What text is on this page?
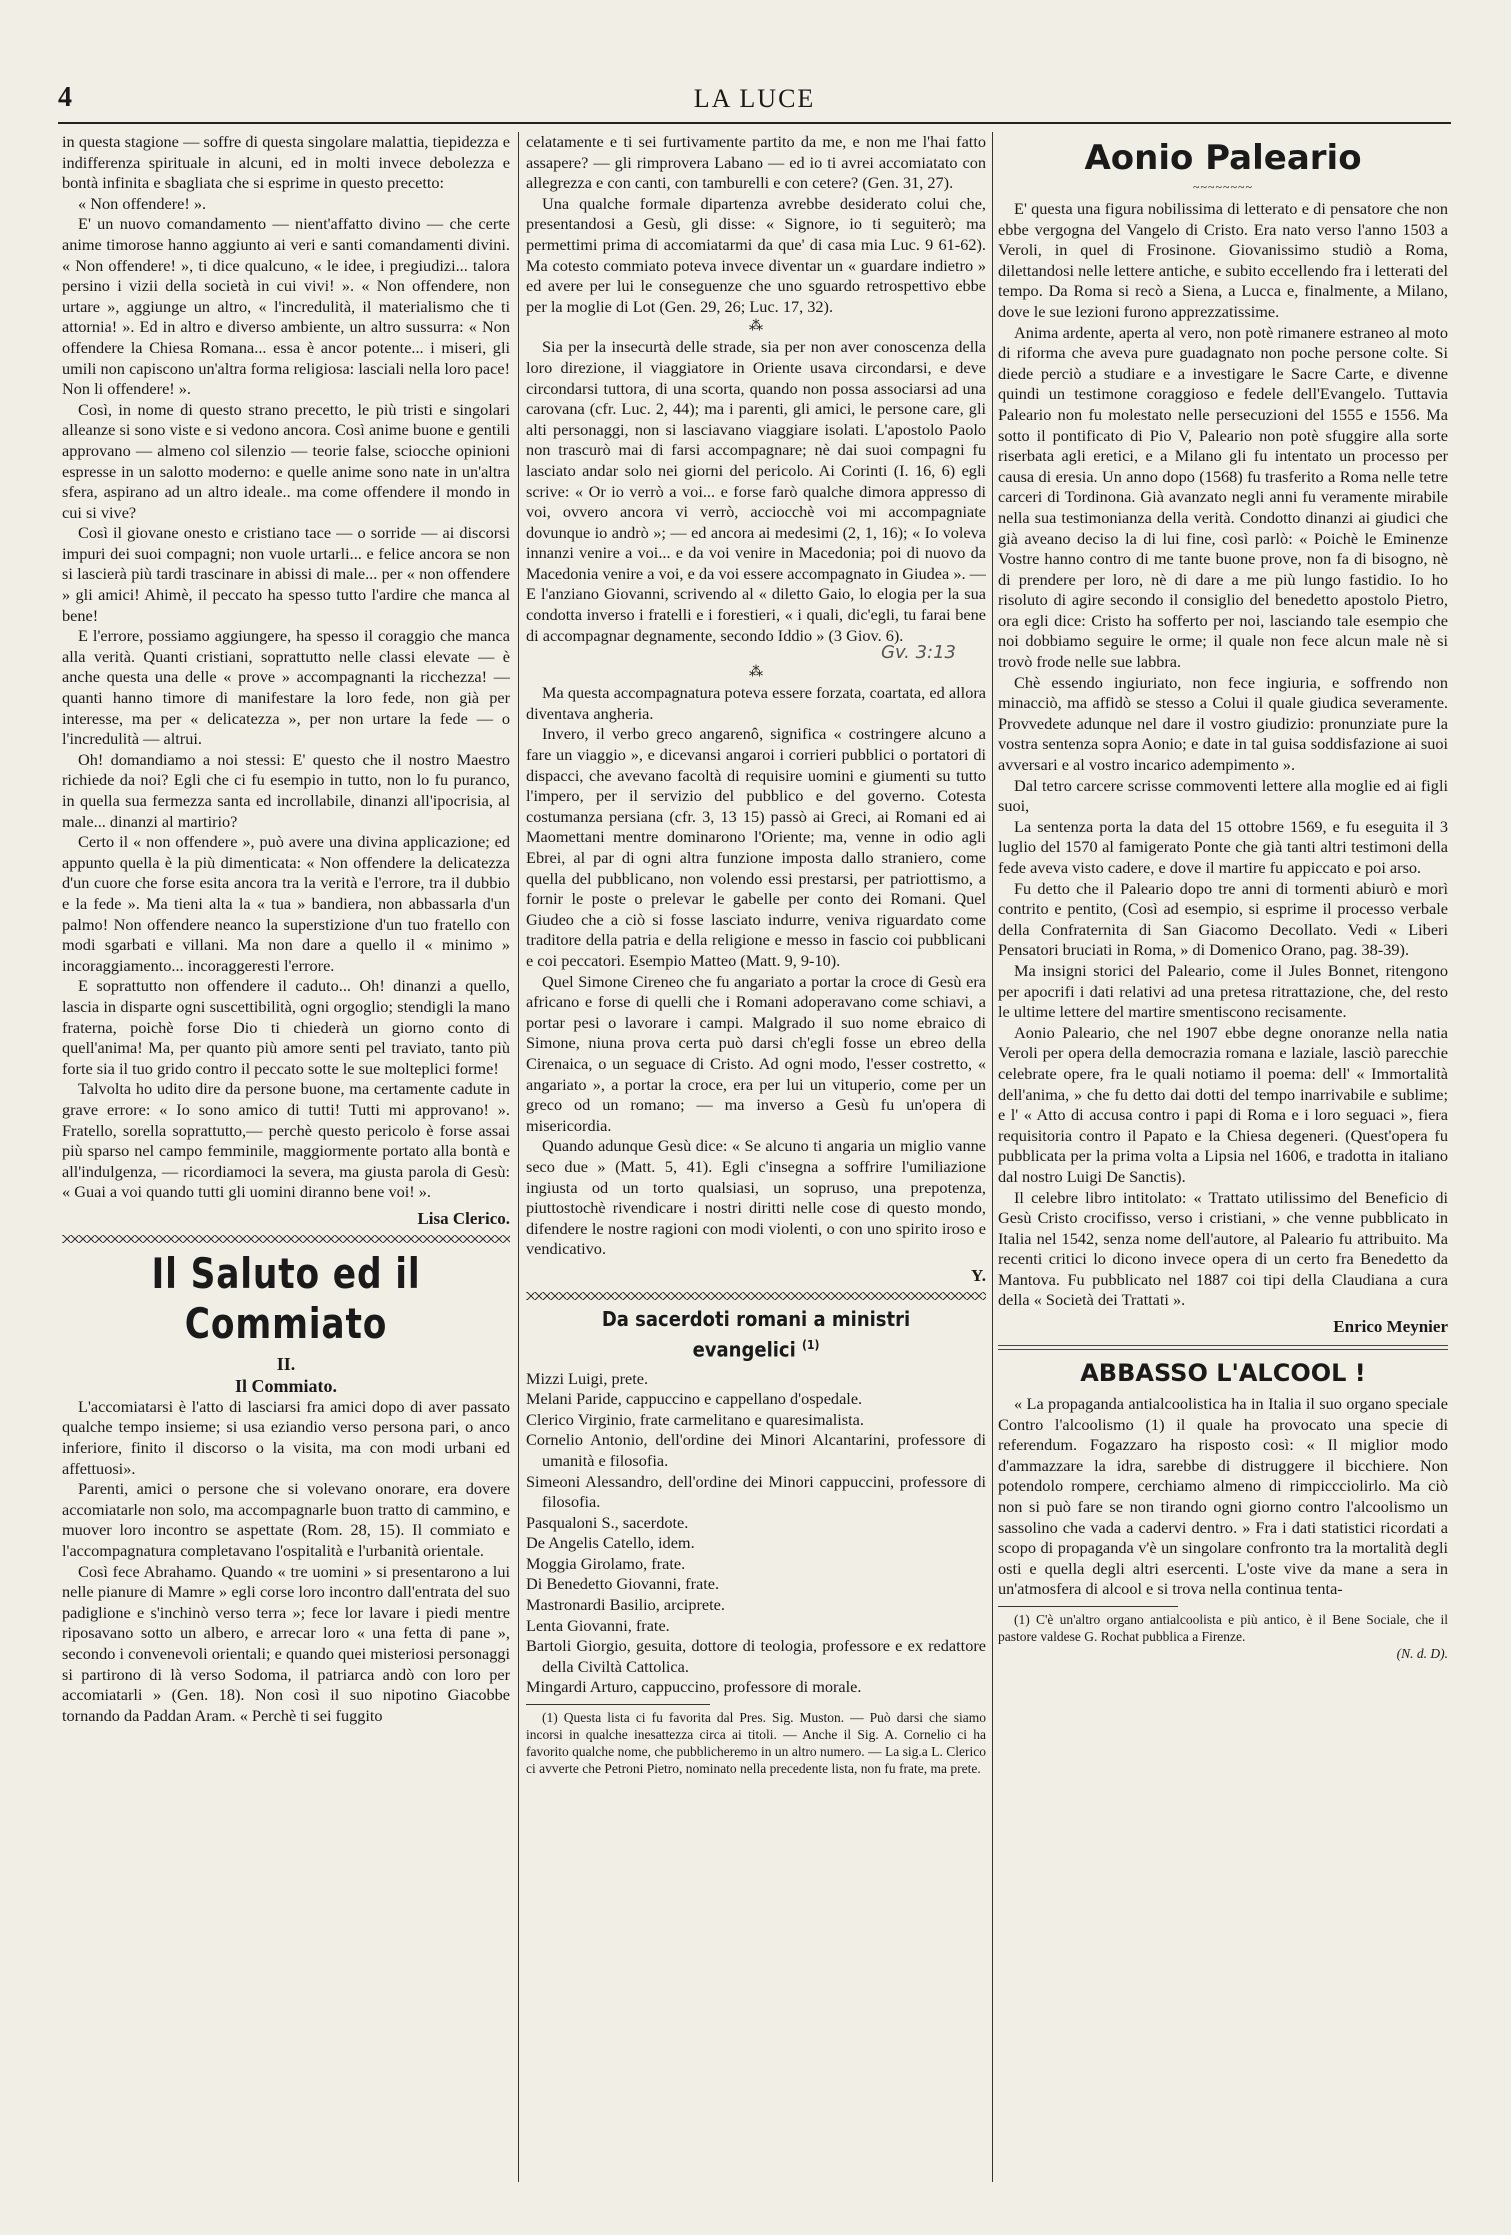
4	LA LUCE

in questa stagione — soffre di questa singolare malattia, tiepidezza e indifferenza spirituale in alcuni, ed in molti invece debolezza e bontà infinita e sbagliata che si esprime in questo precetto:

« Non offendere! ».

E' un nuovo comandamento — nient'affatto divino — che certe anime timorose hanno aggiunto ai veri e santi comandamenti divini. « Non offendere! », ti dice qualcuno, « le idee, i pregiudizi... talora persino i vizii della società in cui vivi! ». « Non offendere, non urtare », aggiunge un altro, « l'incredulità, il materialismo che ti attornia! ». Ed in altro e diverso ambiente, un altro sussurra: « Non offendere la Chiesa Romana... essa è ancor potente... i miseri, gli umili non capiscono un'altra forma religiosa: lasciali nella loro pace! Non li offendere! ».

Così, in nome di questo strano precetto, le più tristi e singolari alleanze si sono viste e si vedono ancora. Così anime buone e gentili approvano — almeno col silenzio — teorie false, sciocche opinioni espresse in un salotto moderno: e quelle anime sono nate in un'altra sfera, aspirano ad un altro ideale.. ma come offendere il mondo in cui si vive?

Così il giovane onesto e cristiano tace — o sorride — ai discorsi impuri dei suoi compagni; non vuole urtarli... e felice ancora se non si lascierà più tardi trascinare in abissi di male... per « non offendere » gli amici! Ahimè, il peccato ha spesso tutto l'ardire che manca al bene!

E l'errore, possiamo aggiungere, ha spesso il coraggio che manca alla verità. Quanti cristiani, soprattutto nelle classi elevate — è anche questa una delle « prove » accompagnanti la ricchezza! — quanti hanno timore di manifestare la loro fede, non già per interesse, ma per « delicatezza », per non urtare la fede — o l'incredulità — altrui.

Oh! domandiamo a noi stessi: E' questo che il nostro Maestro richiede da noi? Egli che ci fu esempio in tutto, non lo fu puranco, in quella sua fermezza santa ed incrollabile, dinanzi all'ipocrisia, al male... dinanzi al martirio?

Certo il « non offendere », può avere una divina applicazione; ed appunto quella è la più dimenticata: « Non offendere la delicatezza d'un cuore che forse esita ancora tra la verità e l'errore, tra il dubbio e la fede ». Ma tieni alta la « tua » bandiera, non abbassarla d'un palmo! Non offendere neanco la superstizione d'un tuo fratello con modi sgarbati e villani. Ma non dare a quello il « minimo » incoraggiamento... incoraggeresti l'errore.

E soprattutto non offendere il caduto... Oh! dinanzi a quello, lascia in disparte ogni suscettibilità, ogni orgoglio; stendigli la mano fraterna, poichè forse Dio ti chiederà un giorno conto di quell'anima! Ma, per quanto più amore senti pel traviato, tanto più forte sia il tuo grido contro il peccato sotte le sue molteplici forme!

Talvolta ho udito dire da persone buone, ma certamente cadute in grave errore: « Io sono amico di tutti! Tutti mi approvano! ». Fratello, sorella soprattutto,— perchè questo pericolo è forse assai più sparso nel campo femminile, maggiormente portato alla bontà e all'indulgenza, — ricordiamoci la severa, ma giusta parola di Gesù: « Guai a voi quando tutti gli uomini diranno bene voi! ».

Lisa Clerico.
Il Saluto ed il Commiato
II.
Il Commiato.

L'accomiatarsi è l'atto di lasciarsi fra amici dopo di aver passato qualche tempo insieme; si usa eziandio verso persona pari, o anco inferiore, finito il discorso o la visita, ma con modi urbani ed affettuosi».

Parenti, amici o persone che si volevano onorare, era dovere accomiatarle non solo, ma accompagnarle buon tratto di cammino, e muover loro incontro se aspettate (Rom. 28, 15). Il commiato e l'accompagnatura completavano l'ospitalità e l'urbanità orientale.

Così fece Abrahamo. Quando « tre uomini » si presentarono a lui nelle pianure di Mamre » egli corse loro incontro dall'entrata del suo padiglione e s'inchinò verso terra »; fece lor lavare i piedi mentre riposavano sotto un albero, e arrecar loro « una fetta di pane », secondo i convenevoli orientali; e quando quei misteriosi personaggi si partirono di là verso Sodoma, il patriarca andò con loro per accomiatarli » (Gen. 18). Non così il suo nipotino Giacobbe tornando da Paddan Aram. « Perchè ti sei fuggito

celatamente e ti sei furtivamente partito da me, e non me l'hai fatto assapere? — gli rimprovera Labano — ed io ti avrei accomiatato con allegrezza e con canti, con tamburelli e con cetere? (Gen. 31, 27).

Una qualche formale dipartenza avrebbe desiderato colui che, presentandosi a Gesù, gli disse: « Signore, io ti seguiterò; ma permettimi prima di accomiatarmi da que' di casa mia Luc. 9 61-62). Ma cotesto commiato poteva invece diventar un « guardare indietro » ed avere per lui le conseguenze che uno sguardo retrospettivo ebbe per la moglie di Lot (Gen. 29, 26; Luc. 17, 32).

⁂

Sia per la insecurtà delle strade, sia per non aver conoscenza della loro direzione, il viaggiatore in Oriente usava circondarsi, e deve circondarsi tuttora, di una scorta, quando non possa associarsi ad una carovana (cfr. Luc. 2, 44); ma i parenti, gli amici, le persone care, gli alti personaggi, non si lasciavano viaggiare isolati. L'apostolo Paolo non trascurò mai di farsi accompagnare; nè dai suoi compagni fu lasciato andar solo nei giorni del pericolo. Ai Corinti (I. 16, 6) egli scrive: « Or io verrò a voi... e forse farò qualche dimora appresso di voi, ovvero ancora vi verrò, acciocchè voi mi accompagniate dovunque io andrò »; — ed ancora ai medesimi (2, 1, 16); « Io voleva innanzi venire a voi... e da voi venire in Macedonia; poi di nuovo da Macedonia venire a voi, e da voi essere accompagnato in Giudea ». — E l'anziano Giovanni, scrivendo al « diletto Gaio, lo elogia per la sua condotta inverso i fratelli e i forestieri, « i quali, dic'egli, tu farai bene di accompagnar degnamente, secondo Iddio » (3 Giov. 6).

Gv. 3:13
⁂

Ma questa accompagnatura poteva essere forzata, coartata, ed allora diventava angheria.

Invero, il verbo greco angarenô, significa « costringere alcuno a fare un viaggio », e dicevansi angaroi i corrieri pubblici o portatori di dispacci, che avevano facoltà di requisire uomini e giumenti su tutto l'impero, per il servizio del pubblico e del governo. Cotesta costumanza persiana (cfr. 3, 13 15) passò ai Greci, ai Romani ed ai Maomettani mentre dominarono l'Oriente; ma, venne in odio agli Ebrei, al par di ogni altra funzione imposta dallo straniero, come quella del pubblicano, non volendo essi prestarsi, per patriottismo, a fornir le poste o prelevar le gabelle per conto dei Romani. Quel Giudeo che a ciò si fosse lasciato indurre, veniva riguardato come traditore della patria e della religione e messo in fascio coi pubblicani e coi peccatori. Esempio Matteo (Matt. 9, 9-10).

Quel Simone Cireneo che fu angariato a portar la croce di Gesù era africano e forse di quelli che i Romani adoperavano come schiavi, a portar pesi o lavorare i campi. Malgrado il suo nome ebraico di Simone, niuna prova certa può darsi ch'egli fosse un ebreo della Cirenaica, o un seguace di Cristo. Ad ogni modo, l'esser costretto, « angariato », a portar la croce, era per lui un vituperio, come per un greco od un romano; — ma inverso a Gesù fu un'opera di misericordia.

Quando adunque Gesù dice: « Se alcuno ti angaria un miglio vanne seco due » (Matt. 5, 41). Egli c'insegna a soffrire l'umiliazione ingiusta od un torto qualsiasi, un sopruso, una prepotenza, piuttostochè rivendicare i nostri diritti nelle cose di questo mondo, difendere le nostre ragioni con modi violenti, o con uno spirito iroso e vendicativo.

Y.
Da sacerdoti romani a ministri evangelici $^{(1)}$

Mizzi Luigi, prete.

Melani Paride, cappuccino e cappellano d'ospedale.

Clerico Virginio, frate carmelitano e quaresimalista.

Cornelio Antonio, dell'ordine dei Minori Alcantarini, professore di umanità e filosofia.

Simeoni Alessandro, dell'ordine dei Minori cappuccini, professore di filosofia.

Pasqualoni S., sacerdote.

De Angelis Catello, idem.

Moggia Girolamo, frate.

Di Benedetto Giovanni, frate.

Mastronardi Basilio, arciprete.

Lenta Giovanni, frate.

Bartoli Giorgio, gesuita, dottore di teologia, professore e ex redattore della Civiltà Cattolica.

Mingardi Arturo, cappuccino, professore di morale.

(1) Questa lista ci fu favorita dal Pres. Sig. Muston. — Può darsi che siamo incorsi in qualche inesattezza circa ai titoli. — Anche il Sig. A. Cornelio ci ha favorito qualche nome, che pubblicheremo in un altro numero. — La sig.a L. Clerico ci avverte che Petroni Pietro, nominato nella precedente lista, non fu frate, ma prete.

Aonio Paleario
~~~~~~~~

E' questa una figura nobilissima di letterato e di pensatore che non ebbe vergogna del Vangelo di Cristo. Era nato verso l'anno 1503 a Veroli, in quel di Frosinone. Giovanissimo studiò a Roma, dilettandosi nelle lettere antiche, e subito eccellendo fra i letterati del tempo. Da Roma si recò a Siena, a Lucca e, finalmente, a Milano, dove le sue lezioni furono apprezzatissime.

Anima ardente, aperta al vero, non potè rimanere estraneo al moto di riforma che aveva pure guadagnato non poche persone colte. Si diede perciò a studiare e a investigare le Sacre Carte, e divenne quindi un testimone coraggioso e fedele dell'Evangelo. Tuttavia Paleario non fu molestato nelle persecuzioni del 1555 e 1556. Ma sotto il pontificato di Pio V, Paleario non potè sfuggire alla sorte riserbata agli eretici, e a Milano gli fu intentato un processo per causa di eresia. Un anno dopo (1568) fu trasferito a Roma nelle tetre carceri di Tordinona. Già avanzato negli anni fu veramente mirabile nella sua testimonianza della verità. Condotto dinanzi ai giudici che già aveano deciso la di lui fine, così parlò: « Poichè le Eminenze Vostre hanno contro di me tante buone prove, non fa di bisogno, nè di prendere per loro, nè di dare a me più lungo fastidio. Io ho risoluto di agire secondo il consiglio del benedetto apostolo Pietro, ora egli dice: Cristo ha sofferto per noi, lasciando tale esempio che noi dobbiamo seguire le orme; il quale non fece alcun male nè si trovò frode nelle sue labbra.

Chè essendo ingiuriato, non fece ingiuria, e soffrendo non minacciò, ma affidò se stesso a Colui il quale giudica severamente. Provvedete adunque nel dare il vostro giudizio: pronunziate pure la vostra sentenza sopra Aonio; e date in tal guisa soddisfazione ai suoi avversari e al vostro incarico adempimento ».

Dal tetro carcere scrisse commoventi lettere alla moglie ed ai figli suoi,

La sentenza porta la data del 15 ottobre 1569, e fu eseguita il 3 luglio del 1570 al famigerato Ponte che già tanti altri testimoni della fede aveva visto cadere, e dove il martire fu appiccato e poi arso.

Fu detto che il Paleario dopo tre anni di tormenti abiurò e morì contrito e pentito, (Così ad esempio, si esprime il processo verbale della Confraternita di San Giacomo Decollato. Vedi « Liberi Pensatori bruciati in Roma, » di Domenico Orano, pag. 38-39).

Ma insigni storici del Paleario, come il Jules Bonnet, ritengono per apocrifi i dati relativi ad una pretesa ritrattazione, che, del resto le ultime lettere del martire smentiscono recisamente.

Aonio Paleario, che nel 1907 ebbe degne onoranze nella natia Veroli per opera della democrazia romana e laziale, lasciò parecchie celebrate opere, fra le quali notiamo il poema: dell' « Immortalità dell'anima, » che fu detto dai dotti del tempo inarrivabile e sublime; e l' « Atto di accusa contro i papi di Roma e i loro seguaci », fiera requisitoria contro il Papato e la Chiesa degeneri. (Quest'opera fu pubblicata per la prima volta a Lipsia nel 1606, e tradotta in italiano dal nostro Luigi De Sanctis).

Il celebre libro intitolato: « Trattato utilissimo del Beneficio di Gesù Cristo crocifisso, verso i cristiani, » che venne pubblicato in Italia nel 1542, senza nome dell'autore, al Paleario fu attribuito. Ma recenti critici lo dicono invece opera di un certo fra Benedetto da Mantova. Fu pubblicato nel 1887 coi tipi della Claudiana a cura della « Società dei Trattati ».

Enrico Meynier
ABBASSO L'ALCOOL !

« La propaganda antialcoolistica ha in Italia il suo organo speciale Contro l'alcoolismo (1) il quale ha provocato una specie di referendum. Fogazzaro ha risposto così: « Il miglior modo d'ammazzare la idra, sarebbe di distruggere il bicchiere. Non potendolo rompere, cerchiamo almeno di rimpiccciolirlo. Ma ciò non si può fare se non tirando ogni giorno contro l'alcoolismo un sassolino che vada a cadervi dentro. » Fra i dati statistici ricordati a scopo di propaganda v'è un singolare confronto tra la mortalità degli osti e quella degli altri esercenti. L'oste vive da mane a sera in un'atmosfera di alcool e si trova nella continua tenta-

(1) C'è un'altro organo antialcoolista e più antico, è il Bene Sociale, che il pastore valdese G. Rochat pubblica a Firenze.

(N. d. D).
